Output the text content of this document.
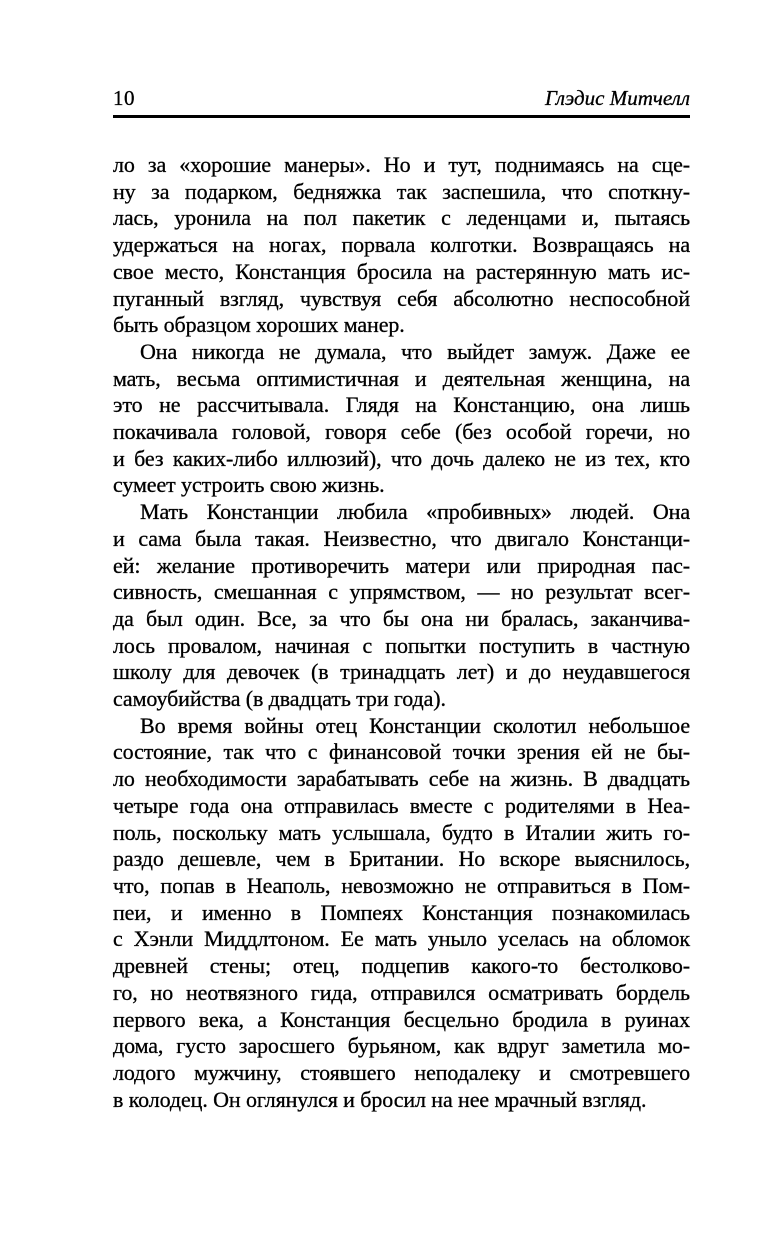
10	Глэдис Митчелл

ло за «хорошие манеры». Но и тут, поднимаясь на сце-
ну за подарком, бедняжка так заспешила, что споткну-
лась, уронила на пол пакетик с леденцами и, пытаясь
удержаться на ногах, порвала колготки. Возвращаясь на
свое место, Констанция бросила на растерянную мать ис-
пуганный взгляд, чувствуя себя абсолютно неспособной
быть образцом хороших манер.

Она никогда не думала, что выйдет замуж. Даже ее
мать, весьма оптимистичная и деятельная женщина, на
это не рассчитывала. Глядя на Констанцию, она лишь
покачивала головой, говоря себе (без особой горечи, но
и без каких-либо иллюзий), что дочь далеко не из тех, кто
сумеет устроить свою жизнь.

Мать Констанции любила «пробивных» людей. Она
и сама была такая. Неизвестно, что двигало Констанци-
ей: желание противоречить матери или природная пас-
сивность, смешанная с упрямством, — но результат всег-
да был один. Все, за что бы она ни бралась, заканчива-
лось провалом, начиная с попытки поступить в частную
школу для девочек (в тринадцать лет) и до неудавшегося
самоубийства (в двадцать три года).

Во время войны отец Констанции сколотил небольшое
состояние, так что с финансовой точки зрения ей не бы-
ло необходимости зарабатывать себе на жизнь. В двадцать
четыре года она отправилась вместе с родителями в Неа-
поль, поскольку мать услышала, будто в Италии жить го-
раздо дешевле, чем в Британии. Но вскоре выяснилось,
что, попав в Неаполь, невозможно не отправиться в Пом-
пеи, и именно в Помпеях Констанция познакомилась
с Хэнли Миддлтоном. Ее мать уныло уселась на обломок
древней стены; отец, подцепив какого-то бестолково-
го, но неотвязного гида, отправился осматривать бордель
первого века, а Констанция бесцельно бродила в руинах
дома, густо заросшего бурьяном, как вдруг заметила мо-
лодого мужчину, стоявшего неподалеку и смотревшего
в колодец. Он оглянулся и бросил на нее мрачный взгляд.
